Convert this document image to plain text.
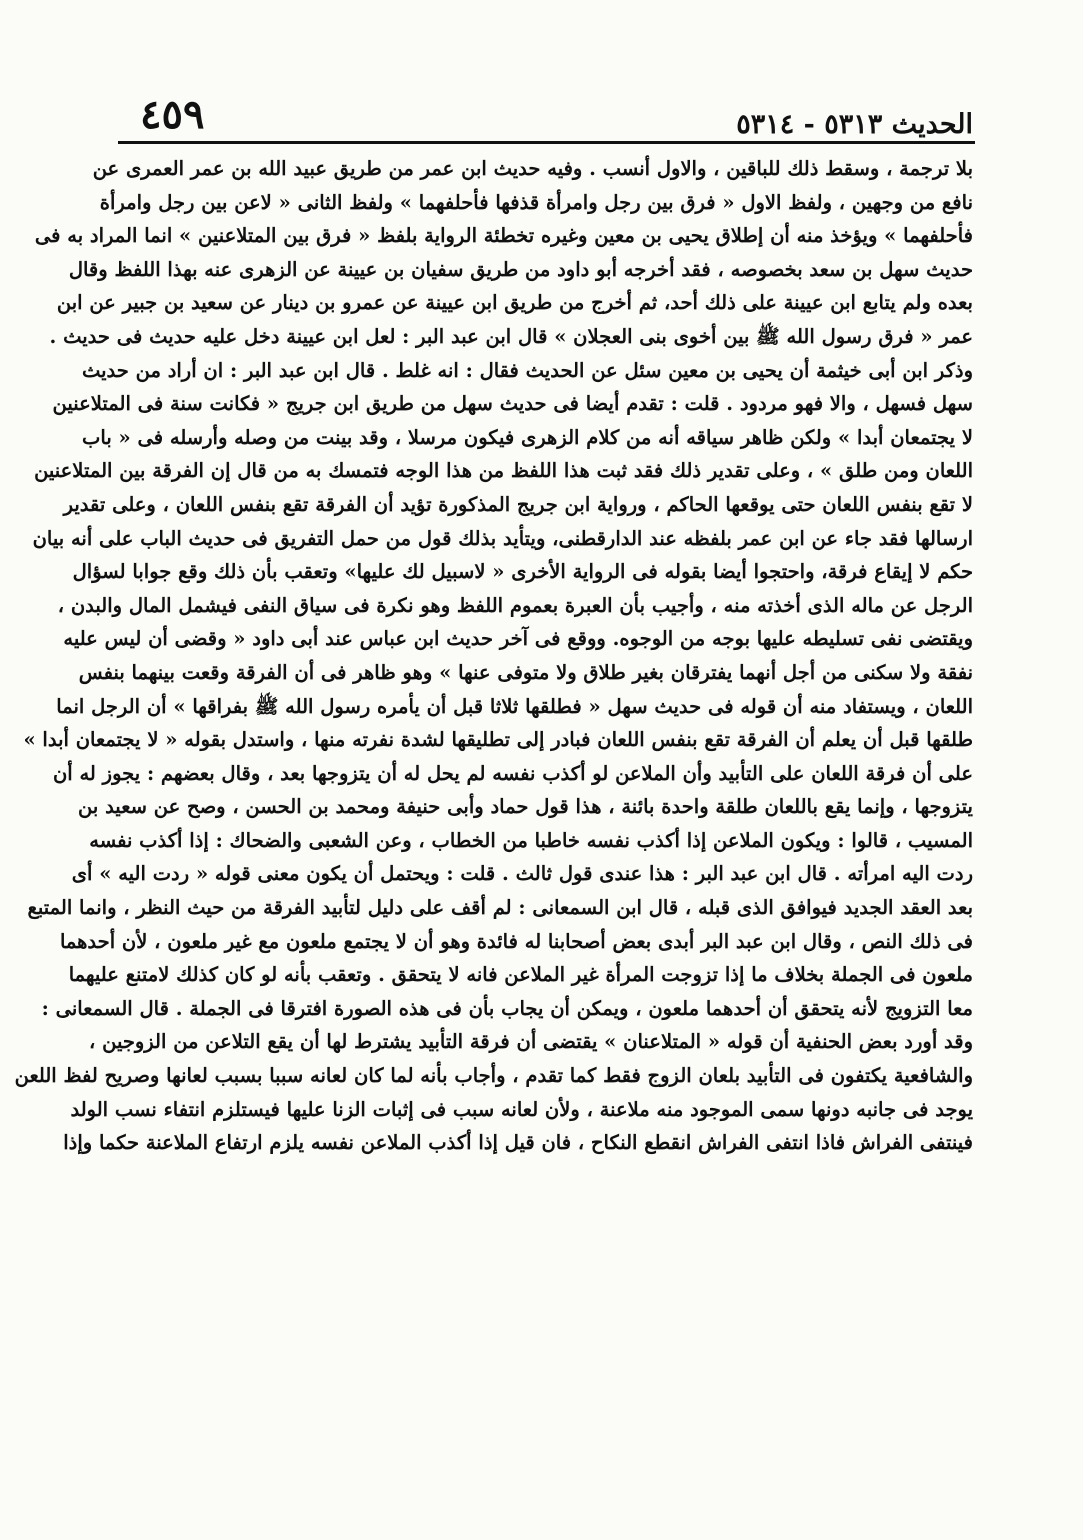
الحديث ٥٣١٣ - ٥٣١٤
٤٥٩
بلا ترجمة ، وسقط ذلك للباقين ، والاول أنسب . وفيه حديث ابن عمر من طريق عبيد الله بن عمر العمرى عن
نافع من وجهين ، ولفظ الاول « فرق بين رجل وامرأة قذفها فأحلفهما » ولفظ الثانى « لاعن بين رجل وامرأة
فأحلفهما » ويؤخذ منه أن إطلاق يحيى بن معين وغيره تخطئة الرواية بلفظ « فرق بين المتلاعنين » انما المراد به فى
حديث سهل بن سعد بخصوصه ، فقد أخرجه أبو داود من طريق سفيان بن عيينة عن الزهرى عنه بهذا اللفظ وقال
بعده ولم يتابع ابن عيينة على ذلك أحد، ثم أخرج من طريق ابن عيينة عن عمرو بن دينار عن سعيد بن جبير عن ابن
عمر « فرق رسول الله ﷺ بين أخوى بنى العجلان » قال ابن عبد البر : لعل ابن عيينة دخل عليه حديث فى حديث .
وذكر ابن أبى خيثمة أن يحيى بن معين سئل عن الحديث فقال : انه غلط . قال ابن عبد البر : ان أراد من حديث
سهل فسهل ، والا فهو مردود . قلت : تقدم أيضا فى حديث سهل من طريق ابن جريج « فكانت سنة فى المتلاعنين
لا يجتمعان أبدا » ولكن ظاهر سياقه أنه من كلام الزهرى فيكون مرسلا ، وقد بينت من وصله وأرسله فى « باب
اللعان ومن طلق » ، وعلى تقدير ذلك فقد ثبت هذا اللفظ من هذا الوجه فتمسك به من قال إن الفرقة بين المتلاعنين
لا تقع بنفس اللعان حتى يوقعها الحاكم ، ورواية ابن جريج المذكورة تؤيد أن الفرقة تقع بنفس اللعان ، وعلى تقدير
ارسالها فقد جاء عن ابن عمر بلفظه عند الدارقطنى، ويتأيد بذلك قول من حمل التفريق فى حديث الباب على أنه بيان
حكم لا إيقاع فرقة، واحتجوا أيضا بقوله فى الرواية الأخرى « لاسبيل لك عليها» وتعقب بأن ذلك وقع جوابا لسؤال
الرجل عن ماله الذى أخذته منه ، وأجيب بأن العبرة بعموم اللفظ وهو نكرة فى سياق النفى فيشمل المال والبدن ،
ويقتضى نفى تسليطه عليها بوجه من الوجوه. ووقع فى آخر حديث ابن عباس عند أبى داود « وقضى أن ليس عليه
نفقة ولا سكنى من أجل أنهما يفترقان بغير طلاق ولا متوفى عنها » وهو ظاهر فى أن الفرقة وقعت بينهما بنفس
اللعان ، ويستفاد منه أن قوله فى حديث سهل « فطلقها ثلاثا قبل أن يأمره رسول الله ﷺ بفراقها » أن الرجل انما
طلقها قبل أن يعلم أن الفرقة تقع بنفس اللعان فبادر إلى تطليقها لشدة نفرته منها ، واستدل بقوله « لا يجتمعان أبدا »
على أن فرقة اللعان على التأبيد وأن الملاعن لو أكذب نفسه لم يحل له أن يتزوجها بعد ، وقال بعضهم : يجوز له أن
يتزوجها ، وإنما يقع باللعان طلقة واحدة بائنة ، هذا قول حماد وأبى حنيفة ومحمد بن الحسن ، وصح عن سعيد بن
المسيب ، قالوا : ويكون الملاعن إذا أكذب نفسه خاطبا من الخطاب ، وعن الشعبى والضحاك : إذا أكذب نفسه
ردت اليه امرأته . قال ابن عبد البر : هذا عندى قول ثالث . قلت : ويحتمل أن يكون معنى قوله « ردت اليه » أى
بعد العقد الجديد فيوافق الذى قبله ، قال ابن السمعانى : لم أقف على دليل لتأبيد الفرقة من حيث النظر ، وانما المتبع
فى ذلك النص ، وقال ابن عبد البر أبدى بعض أصحابنا له فائدة وهو أن لا يجتمع ملعون مع غير ملعون ، لأن أحدهما
ملعون فى الجملة بخلاف ما إذا تزوجت المرأة غير الملاعن فانه لا يتحقق . وتعقب بأنه لو كان كذلك لامتنع عليهما
معا التزويج لأنه يتحقق أن أحدهما ملعون ، ويمكن أن يجاب بأن فى هذه الصورة افترقا فى الجملة . قال السمعانى :
وقد أورد بعض الحنفية أن قوله « المتلاعنان » يقتضى أن فرقة التأبيد يشترط لها أن يقع التلاعن من الزوجين ،
والشافعية يكتفون فى التأبيد بلعان الزوج فقط كما تقدم ، وأجاب بأنه لما كان لعانه سببا بسبب لعانها وصريح لفظ اللعن
يوجد فى جانبه دونها سمى الموجود منه ملاعنة ، ولأن لعانه سبب فى إثبات الزنا عليها فيستلزم انتفاء نسب الولد
فينتفى الفراش فاذا انتفى الفراش انقطع النكاح ، فان قيل إذا أكذب الملاعن نفسه يلزم ارتفاع الملاعنة حكما وإذا
